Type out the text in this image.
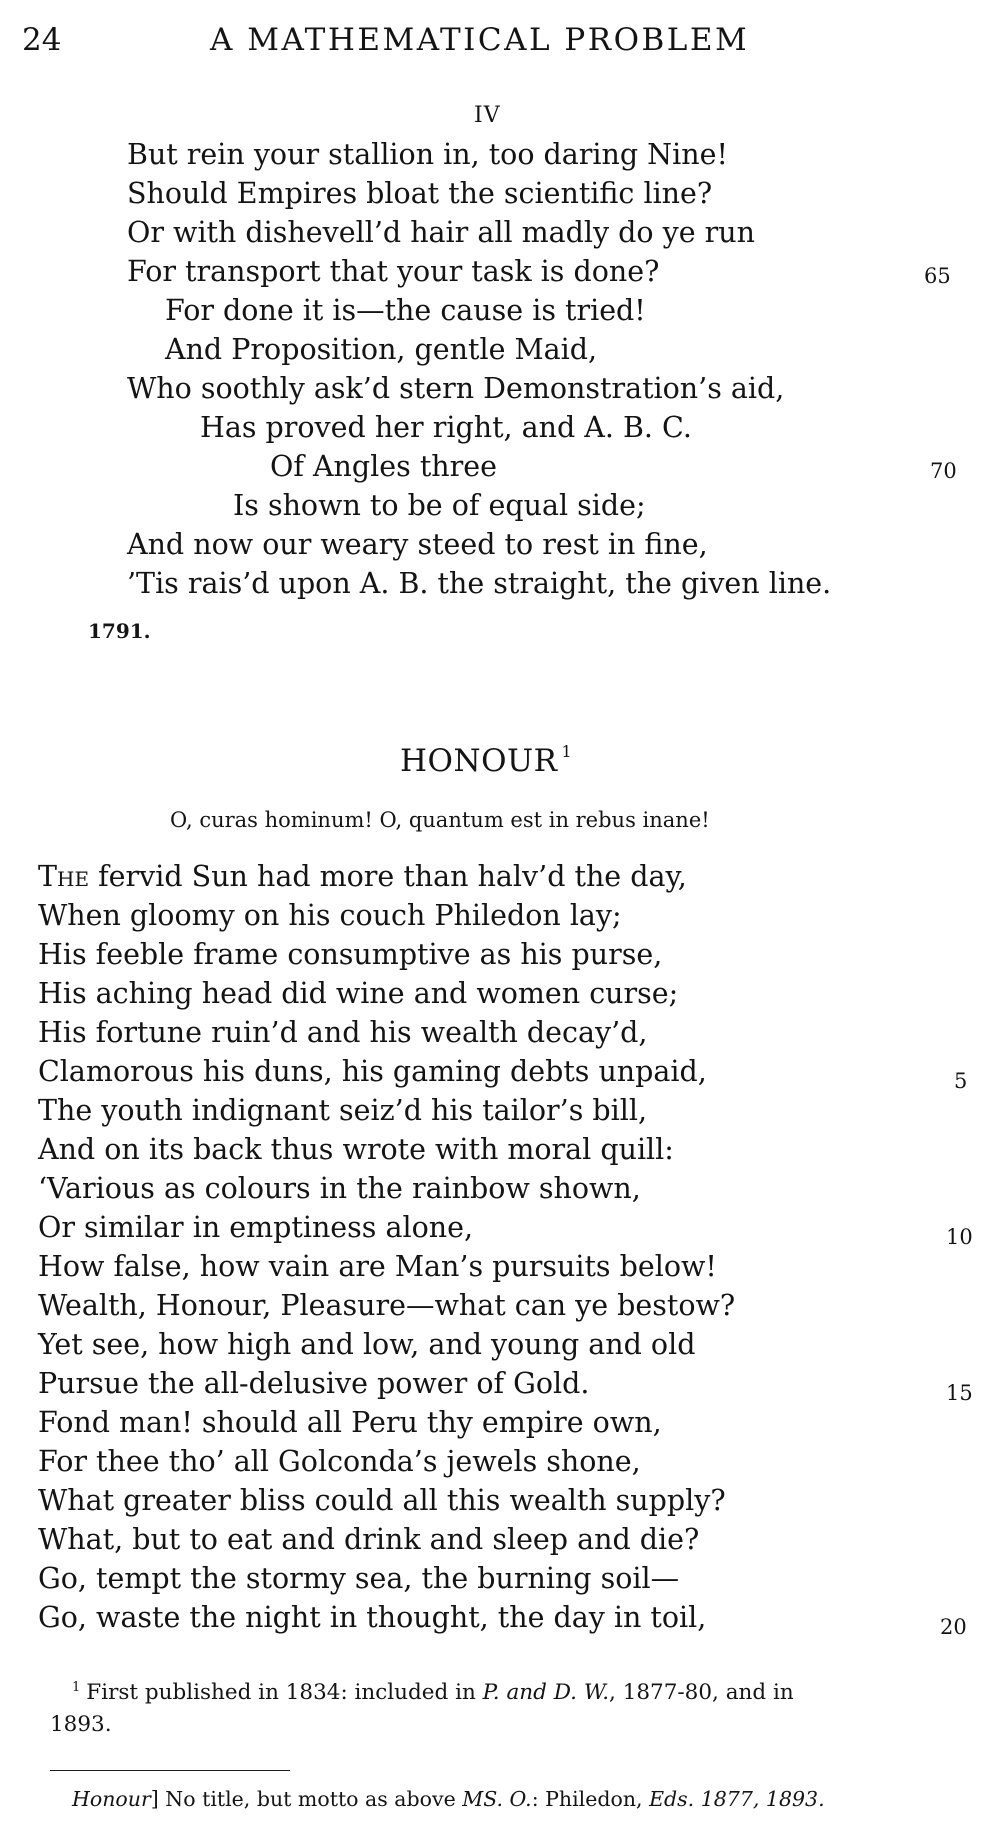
24	A MATHEMATICAL PROBLEM
IV
But rein your stallion in, too daring Nine!
Should Empires bloat the scientific line?
Or with dishevell’d hair all madly do ye run
For transport that your task is done?
For done it is—the cause is tried!
And Proposition, gentle Maid,
Who soothly ask’d stern Demonstration’s aid,
Has proved her right, and A. B. C.
Of Angles three
Is shown to be of equal side;
And now our weary steed to rest in fine,
’Tis rais’d upon A. B. the straight, the given line.
65
70
1791.
HONOUR $^1$
O, curas hominum! O, quantum est in rebus inane!
The fervid Sun had more than halv’d the day,
When gloomy on his couch Philedon lay;
His feeble frame consumptive as his purse,
His aching head did wine and women curse;
His fortune ruin’d and his wealth decay’d,
Clamorous his duns, his gaming debts unpaid,
The youth indignant seiz’d his tailor’s bill,
And on its back thus wrote with moral quill:
‘Various as colours in the rainbow shown,
Or similar in emptiness alone,
How false, how vain are Man’s pursuits below!
Wealth, Honour, Pleasure—what can ye bestow?
Yet see, how high and low, and young and old
Pursue the all-delusive power of Gold.
Fond man! should all Peru thy empire own,
For thee tho’ all Golconda’s jewels shone,
What greater bliss could all this wealth supply?
What, but to eat and drink and sleep and die?
Go, tempt the stormy sea, the burning soil—
Go, waste the night in thought, the day in toil,
5
10
15
20
$^1$ First published in 1834: included in P. and D. W., 1877-80, and in
1893.
Honour] No title, but motto as above MS. O.: Philedon, Eds. 1877, 1893.
